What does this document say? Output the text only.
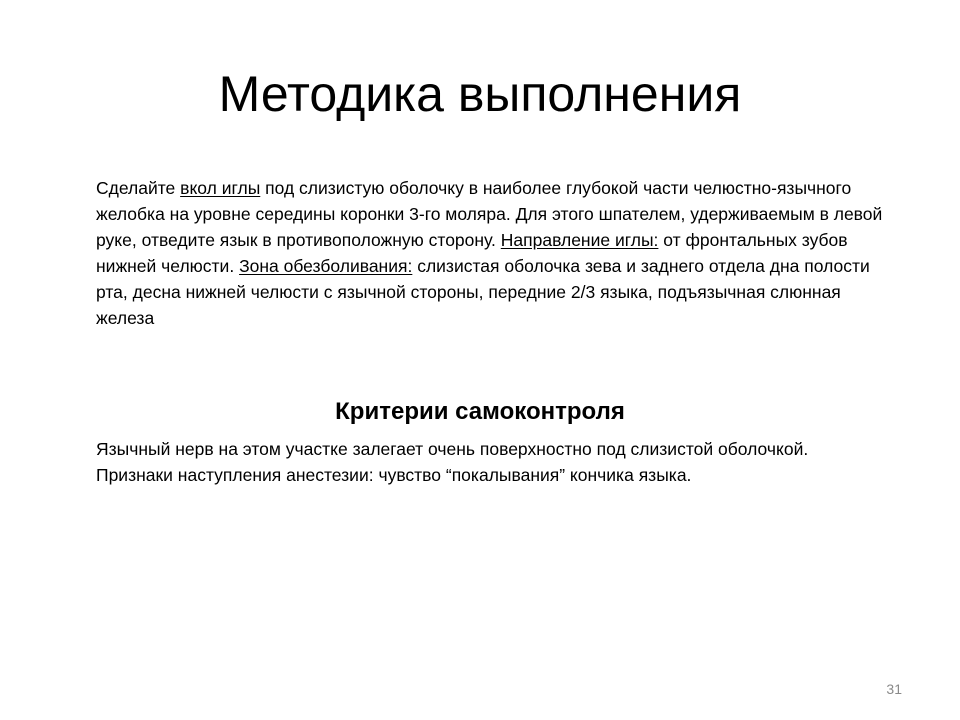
Методика выполнения

Сделайте вкол иглы под слизистую оболочку в наиболее глубокой части челюстно-язычного желобка на уровне середины коронки 3-го моляра. Для этого шпателем, удерживаемым в левой руке, отведите язык в противоположную сторону. Направление иглы: от фронтальных зубов нижней челюсти. Зона обезболивания: слизистая оболочка зева и заднего отдела дна полости рта, десна нижней челюсти с язычной стороны, передние 2/3 языка, подъязычная слюнная железа

Критерии самоконтроля

Язычный нерв на этом участке залегает очень поверхностно под слизистой оболочкой.
Признаки наступления анестезии: чувство “покалывания” кончика языка.

31
